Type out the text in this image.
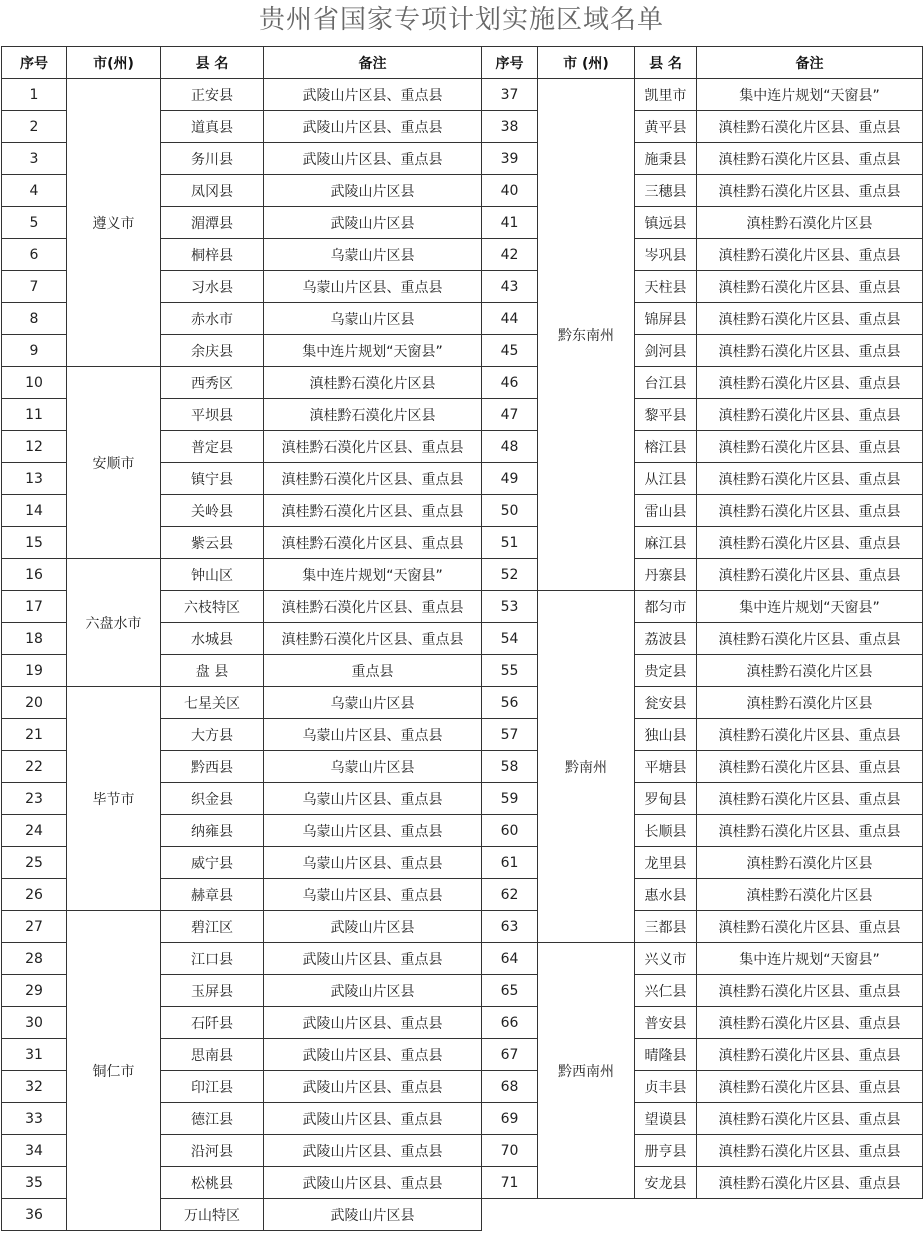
贵州省国家专项计划实施区域名单
序号	市(州)	县 名	备注	序号	市 (州)	县 名	备注
1	遵义市	正安县	武陵山片区县、重点县	37	黔东南州	凯里市	集中连片规划“天窗县”
2		道真县	武陵山片区县、重点县	38		黄平县	滇桂黔石漠化片区县、重点县
3		务川县	武陵山片区县、重点县	39		施秉县	滇桂黔石漠化片区县、重点县
4		凤冈县	武陵山片区县	40		三穗县	滇桂黔石漠化片区县、重点县
5		湄潭县	武陵山片区县	41		镇远县	滇桂黔石漠化片区县
6		桐梓县	乌蒙山片区县	42		岑巩县	滇桂黔石漠化片区县、重点县
7		习水县	乌蒙山片区县、重点县	43		天柱县	滇桂黔石漠化片区县、重点县
8		赤水市	乌蒙山片区县	44		锦屏县	滇桂黔石漠化片区县、重点县
9		余庆县	集中连片规划“天窗县”	45		剑河县	滇桂黔石漠化片区县、重点县
10	安顺市	西秀区	滇桂黔石漠化片区县	46		台江县	滇桂黔石漠化片区县、重点县
11		平坝县	滇桂黔石漠化片区县	47		黎平县	滇桂黔石漠化片区县、重点县
12		普定县	滇桂黔石漠化片区县、重点县	48		榕江县	滇桂黔石漠化片区县、重点县
13		镇宁县	滇桂黔石漠化片区县、重点县	49		从江县	滇桂黔石漠化片区县、重点县
14		关岭县	滇桂黔石漠化片区县、重点县	50		雷山县	滇桂黔石漠化片区县、重点县
15		紫云县	滇桂黔石漠化片区县、重点县	51		麻江县	滇桂黔石漠化片区县、重点县
16	六盘水市	钟山区	集中连片规划“天窗县”	52		丹寨县	滇桂黔石漠化片区县、重点县
17		六枝特区	滇桂黔石漠化片区县、重点县	53	黔南州	都匀市	集中连片规划“天窗县”
18		水城县	滇桂黔石漠化片区县、重点县	54		荔波县	滇桂黔石漠化片区县、重点县
19		盘 县	重点县	55		贵定县	滇桂黔石漠化片区县
20	毕节市	七星关区	乌蒙山片区县	56		瓮安县	滇桂黔石漠化片区县
21		大方县	乌蒙山片区县、重点县	57		独山县	滇桂黔石漠化片区县、重点县
22		黔西县	乌蒙山片区县	58		平塘县	滇桂黔石漠化片区县、重点县
23		织金县	乌蒙山片区县、重点县	59		罗甸县	滇桂黔石漠化片区县、重点县
24		纳雍县	乌蒙山片区县、重点县	60		长顺县	滇桂黔石漠化片区县、重点县
25		威宁县	乌蒙山片区县、重点县	61		龙里县	滇桂黔石漠化片区县
26		赫章县	乌蒙山片区县、重点县	62		惠水县	滇桂黔石漠化片区县
27	铜仁市	碧江区	武陵山片区县	63		三都县	滇桂黔石漠化片区县、重点县
28		江口县	武陵山片区县、重点县	64	黔西南州	兴义市	集中连片规划“天窗县”
29		玉屏县	武陵山片区县	65		兴仁县	滇桂黔石漠化片区县、重点县
30		石阡县	武陵山片区县、重点县	66		普安县	滇桂黔石漠化片区县、重点县
31		思南县	武陵山片区县、重点县	67		晴隆县	滇桂黔石漠化片区县、重点县
32		印江县	武陵山片区县、重点县	68		贞丰县	滇桂黔石漠化片区县、重点县
33		德江县	武陵山片区县、重点县	69		望谟县	滇桂黔石漠化片区县、重点县
34		沿河县	武陵山片区县、重点县	70		册亨县	滇桂黔石漠化片区县、重点县
35		松桃县	武陵山片区县、重点县	71		安龙县	滇桂黔石漠化片区县、重点县
36		万山特区	武陵山片区县				
